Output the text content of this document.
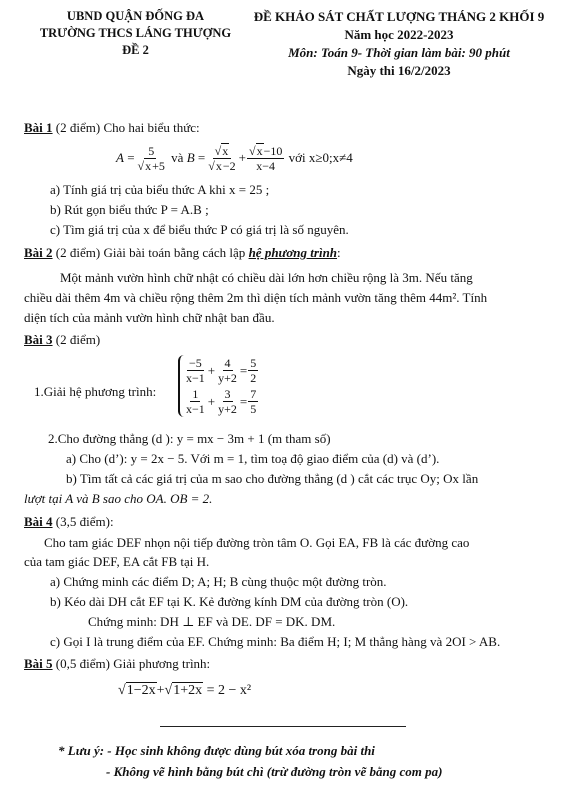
UBND QUẬN ĐỐNG ĐA
TRƯỜNG THCS LÁNG THƯỢNG
ĐỀ 2
ĐỀ KHẢO SÁT CHẤT LƯỢNG THÁNG 2 KHỐI 9
Năm học 2022-2023
Môn: Toán 9- Thời gian làm bài: 90 phút
Ngày thi 16/2/2023
Bài 1 (2 điểm) Cho hai biểu thức:
$A = \frac{5}{√x+5}$
và
$B = \frac{√x}{√x-2} + \frac{√x-10}{x-4}$
với x≥0;x≠4
a) Tính giá trị của biểu thức A khi x = 25 ;
b) Rút gọn biểu thức P = A.B ;
c) Tìm giá trị của x để biểu thức P có giá trị là số nguyên.
Bài 2 (2 điểm) Giải bài toán bằng cách lập hệ phương trình:
Một mảnh vườn hình chữ nhật có chiều dài lớn hơn chiều rộng là 3m. Nếu tăng
chiều dài thêm 4m và chiều rộng thêm 2m thì diện tích mảnh vườn tăng thêm 44m². Tính
diện tích của mảnh vườn hình chữ nhật ban đầu.
Bài 3 (2 điểm)
1.Giải hệ phương trình:
$\frac{-5}{x-1} + \frac{4}{y+2} = \frac{5}{2}$
$\frac{1}{x-1} + \frac{3}{y+2} = \frac{7}{5}$
2.Cho đường thẳng (d ): y = mx − 3m + 1 (m tham số)
a) Cho (d’): y = 2x − 5. Với m = 1, tìm toạ độ giao điểm của (d) và (d’).
b) Tìm tất cả các giá trị của m sao cho đường thẳng (d ) cắt các trục Oy; Ox lần
lượt tại A và B sao cho OA. OB = 2.
Bài 4 (3,5 điểm):
Cho tam giác DEF nhọn nội tiếp đường tròn tâm O. Gọi EA, FB là các đường cao
của tam giác DEF, EA cắt FB tại H.
a) Chứng minh các điểm D; A; H; B cùng thuộc một đường tròn.
b) Kéo dài DH cắt EF tại K. Kẻ đường kính DM của đường tròn (O).
Chứng minh: DH ⊥ EF và DE. DF = DK. DM.
c) Gọi I là trung điểm của EF. Chứng minh: Ba điểm H; I; M thẳng hàng và 2OI > AB.
Bài 5 (0,5 điểm) Giải phương trình:
√1−2x+√1+2x = 2 − x²
* Lưu ý: - Học sinh không được dùng bút xóa trong bài thi
- Không vẽ hình bằng bút chì (trừ đường tròn vẽ bằng com pa)
